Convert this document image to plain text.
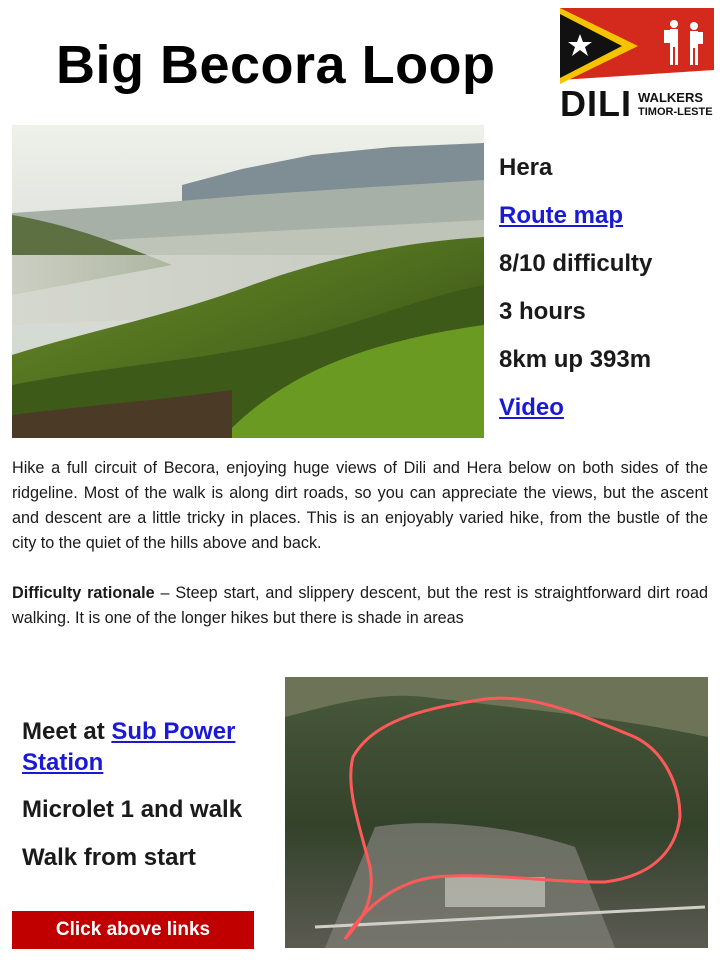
Big Becora Loop
DILI WALKERS
TIMOR-LESTE
Hera
Route map
8/10 difficulty
3 hours
8km up 393m
Video

Hike a full circuit of Becora, enjoying huge views of Dili and Hera below on both sides of the ridgeline. Most of the walk is along dirt roads, so you can appreciate the views, but the ascent and descent are a little tricky in places. This is an enjoyably varied hike, from the bustle of the city to the quiet of the hills above and back.

Difficulty rationale – Steep start, and slippery descent, but the rest is straightforward dirt road walking. It is one of the longer hikes but there is shade in areas

Meet at Sub Power Station

Microlet 1 and walk

Walk from start

Click above links
